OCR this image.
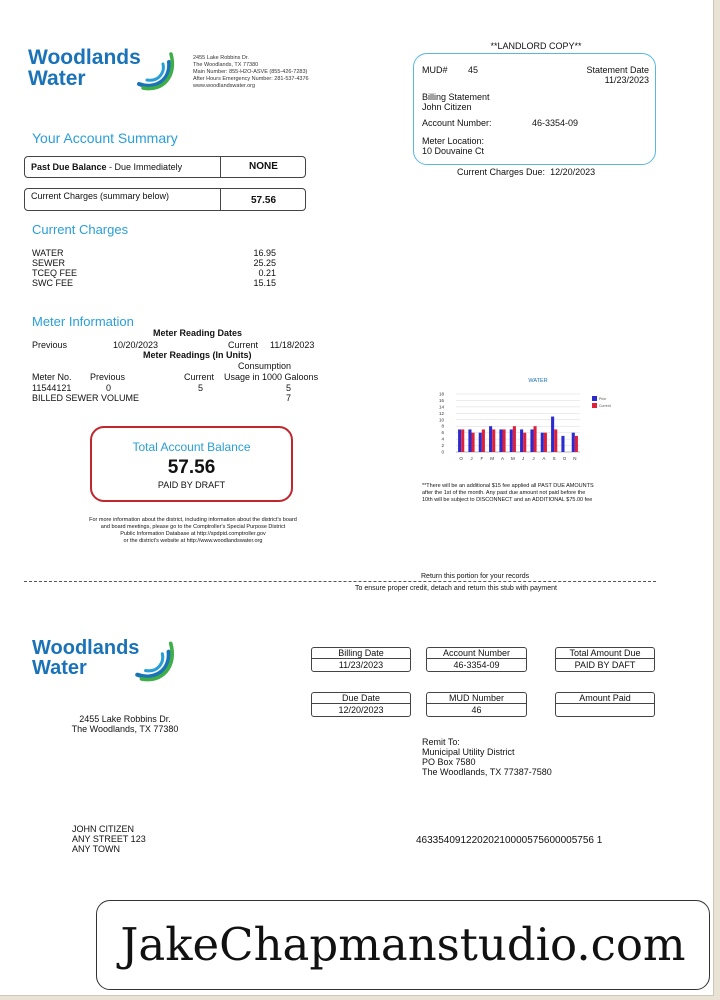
Woodlands
Water
2455 Lake Robbins Dr.
The Woodlands, TX 77380
Main Number: 855-H2O-ASVE (855-426-7283)
After Hours Emergency Number: 281-537-4376
www.woodlandswater.org
**LANDLORD COPY**
MUD# 45	Statement Date
11/23/2023
Billing Statement
John Citizen
Account Number:	46-3354-09
Meter Location:
10 Douvaine Ct
Current Charges Due: 12/20/2023
Your Account Summary
Past Due Balance - Due Immediately	NONE
Current Charges (summary below)	57.56
Current Charges
WATER	16.95
SEWER	25.25
TCEQ FEE	0.21
SWC FEE	15.15
Meter Information
Meter Reading Dates
Previous	10/20/2023	Current 11/18/2023
Meter Readings (In Units)
Consumption
Meter No. Previous	Current Usage in 1000 Galoons
11544121	0	5	5
BILLED SEWER VOLUME	7
Total Account Balance
57.56
PAID BY DRAFT
For more information about the district, including information about the district's board
and board meetings, please go to the Comptroller's Special Purpose District
Public Information Database at http://spdpid.comptroller.gov
or the district's website at http://www.woodlandswater.org
WATER
0
2
4
6
8
10
12
14
16
18
O J F M A M J J A S O N
Prior
Current
**There will be an additional $15 fee applied all PAST DUE AMOUNTS
after the 1st of the month. Any past due amount not paid before the
10th will be subject to DISCONNECT and an ADDITIONAL $75.00 fee
Return this portion for your records
To ensure proper credit, detach and return this stub with payment
Woodlands
Water
2455 Lake Robbins Dr.
The Woodlands, TX 77380
Billing Date
11/23/2023
Account Number
46-3354-09
Total Amount Due
PAID BY DAFT
Due Date
12/20/2023
MUD Number
46
Amount Paid
Remit To:
Municipal Utility District
PO Box 7580
The Woodlands, TX 77387-7580
JOHN CITIZEN
ANY STREET 123
ANY TOWN
46335409122020210000575600005756 1
JakeChapmanstudio.com
